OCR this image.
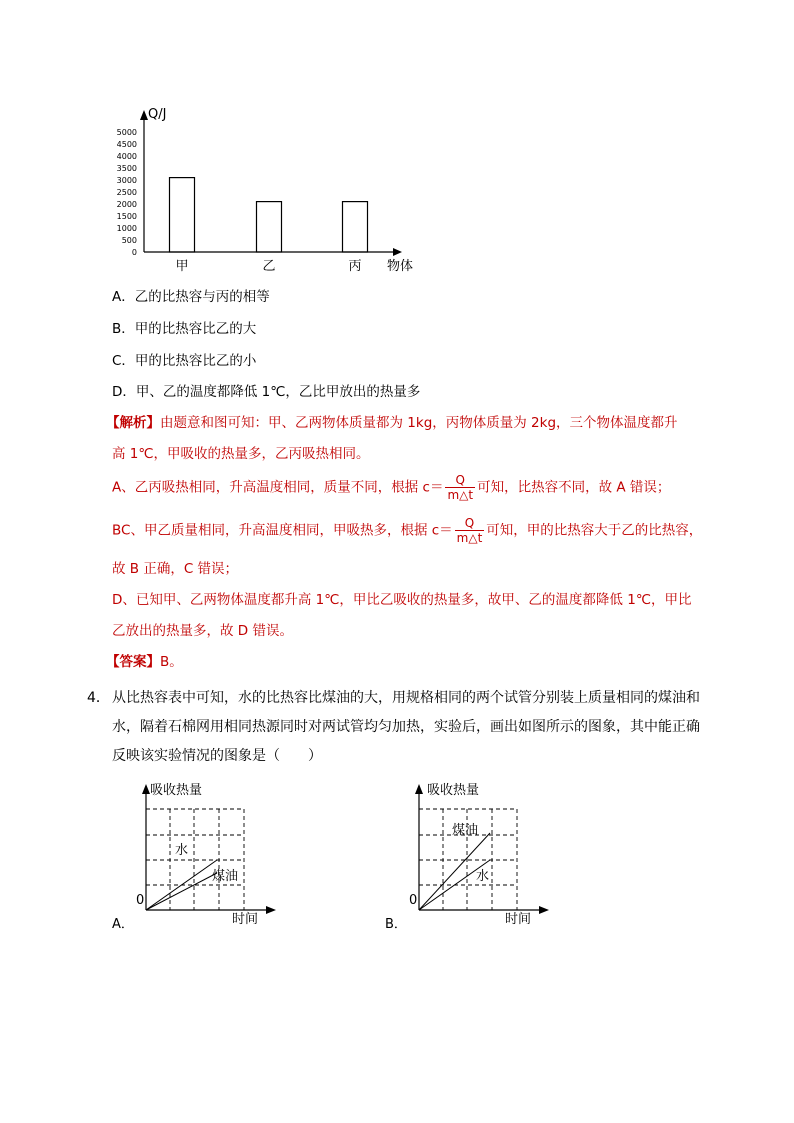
0
500
1000
1500
2000
2500
3000
3500
4000
4500
5000
Q/J
甲	乙	丙 物体
A．乙的比热容与丙的相等
B．甲的比热容比乙的大
C．甲的比热容比乙的小
D．甲、乙的温度都降低 1℃，乙比甲放出的热量多
【解析】由题意和图可知：甲、乙两物体质量都为 1kg，丙物体质量为 2kg，三个物体温度都升
高 1℃，甲吸收的热量多，乙丙吸热相同。
A、乙丙吸热相同，升高温度相同，质量不同，根据 $c= \frac{Q}{m\triangle t}$ 可知，比热容不同，故 A 错误；
BC、甲乙质量相同，升高温度相同，甲吸热多，根据 $c= \frac{Q}{m\triangle t}$ 可知，甲的比热容大于乙的比热容，
故 B 正确，C 错误；
D、已知甲、乙两物体温度都升高 1℃，甲比乙吸收的热量多，故甲、乙的温度都降低 1℃，甲比
乙放出的热量多，故 D 错误。
【答案】B。
4． 从比热容表中可知，水的比热容比煤油的大，用规格相同的两个试管分别装上质量相同的煤油和
水，隔着石棉网用相同热源同时对两试管均匀加热，实验后，画出如图所示的图象，其中能正确
反映该实验情况的图象是（　　）
吸收热量
时间
0
水
煤油
A．
吸收热量
时间
0
煤油
水
B．
